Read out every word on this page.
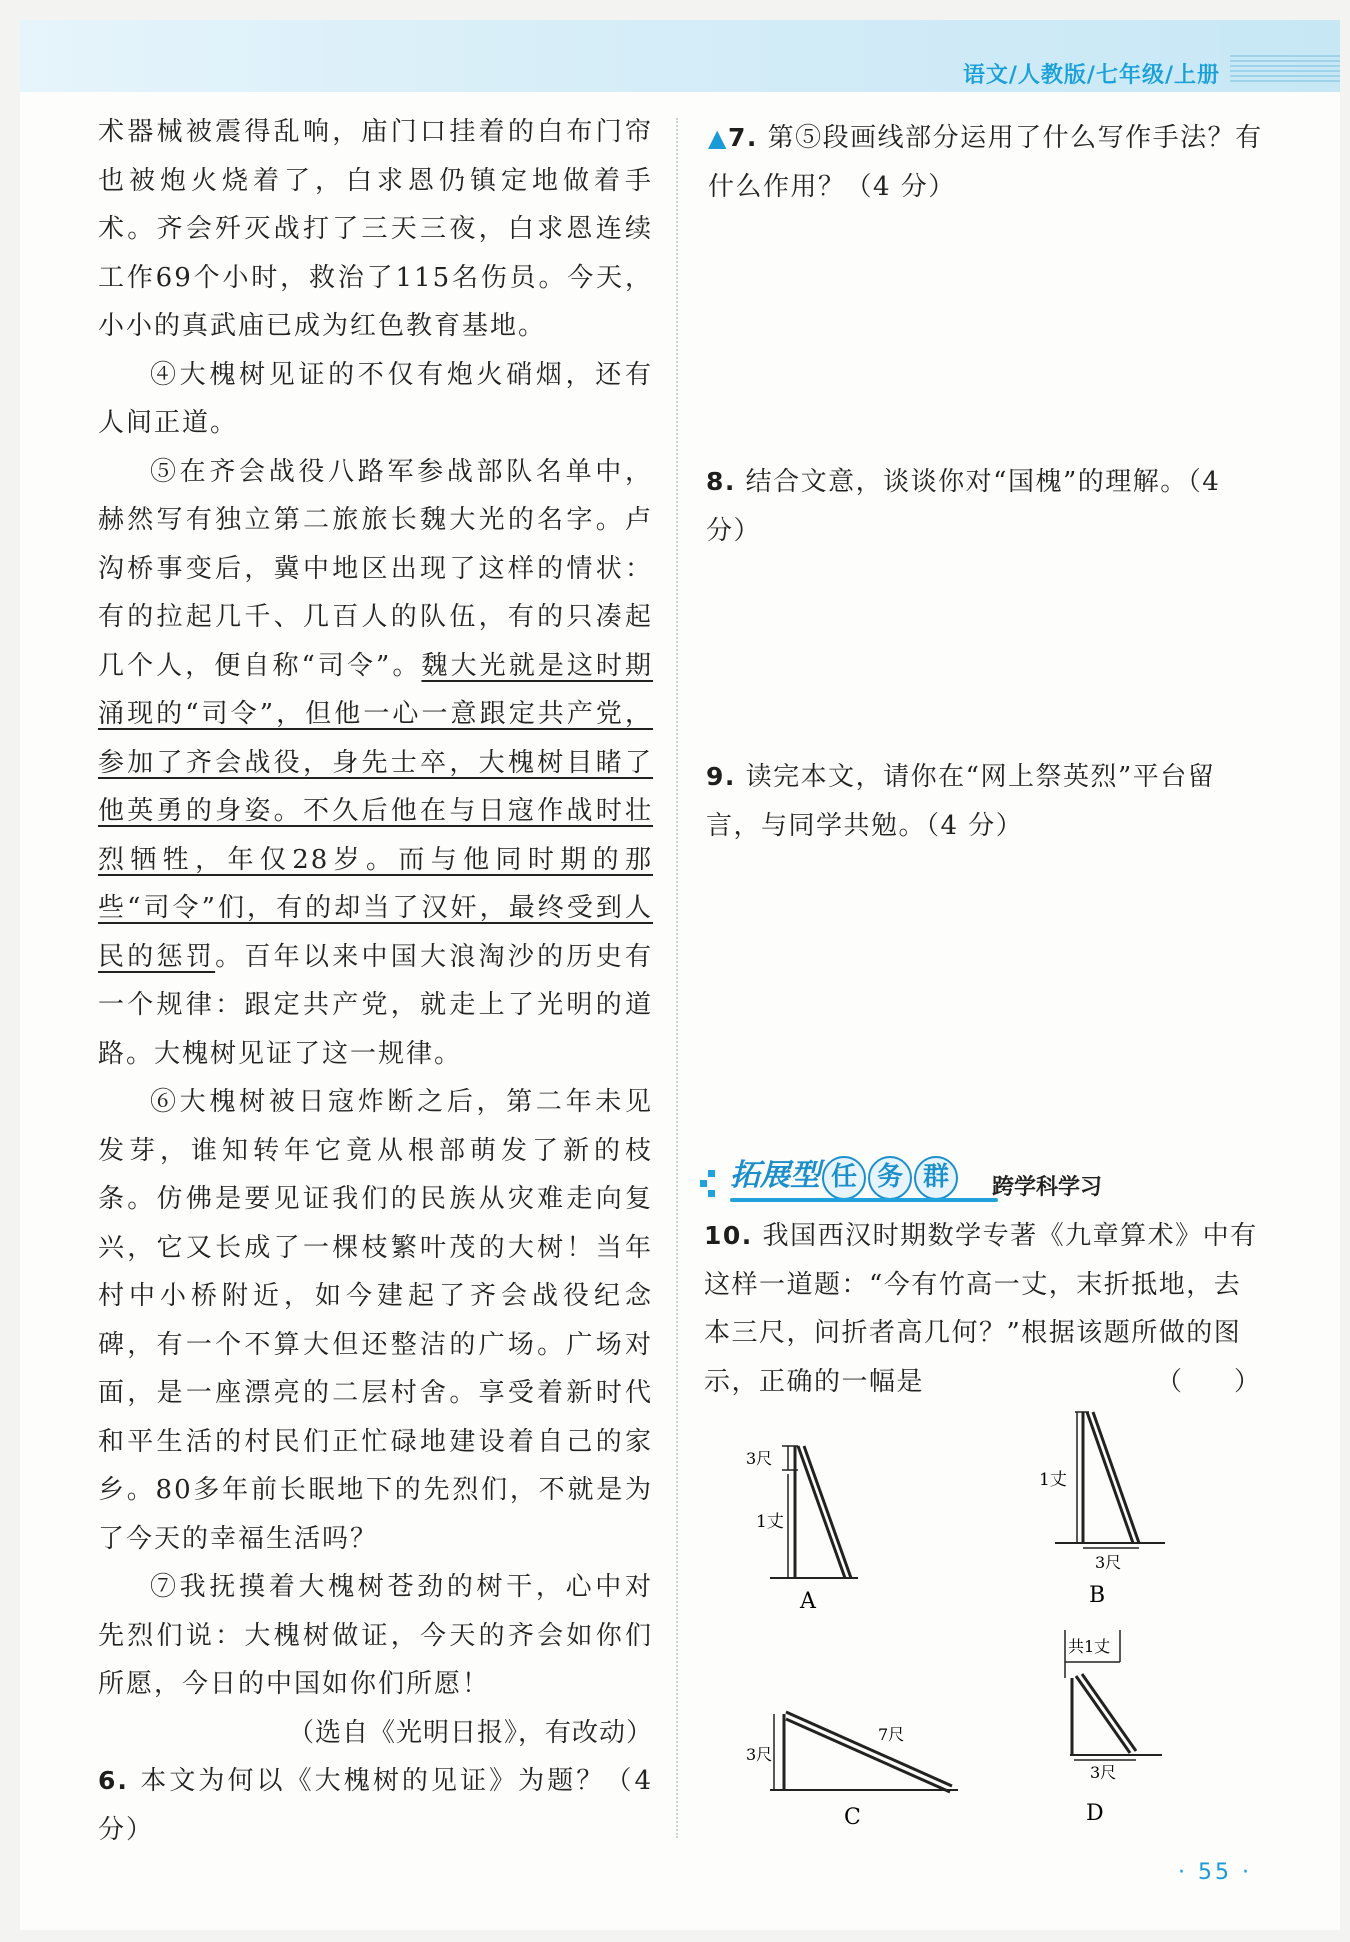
语文/人教版/七年级/上册

术器械被震得乱响，庙门口挂着的白布门帘也被炮火烧着了，白求恩仍镇定地做着手术。齐会歼灭战打了三天三夜，白求恩连续工作69个小时，救治了115名伤员。今天，小小的真武庙已成为红色教育基地。

④大槐树见证的不仅有炮火硝烟，还有人间正道。

⑤在齐会战役八路军参战部队名单中，赫然写有独立第二旅旅长魏大光的名字。卢沟桥事变后，冀中地区出现了这样的情状：有的拉起几千、几百人的队伍，有的只凑起几个人，便自称“司令”。魏大光就是这时期涌现的“司令”，但他一心一意跟定共产党，参加了齐会战役，身先士卒，大槐树目睹了他英勇的身姿。不久后他在与日寇作战时壮烈牺牲，年仅28岁。而与他同时期的那些“司令”们，有的却当了汉奸，最终受到人民的惩罚。百年以来中国大浪淘沙的历史有一个规律：跟定共产党，就走上了光明的道路。大槐树见证了这一规律。

⑥大槐树被日寇炸断之后，第二年未见发芽，谁知转年它竟从根部萌发了新的枝条。仿佛是要见证我们的民族从灾难走向复兴，它又长成了一棵枝繁叶茂的大树！当年村中小桥附近，如今建起了齐会战役纪念碑，有一个不算大但还整洁的广场。广场对面，是一座漂亮的二层村舍。享受着新时代和平生活的村民们正忙碌地建设着自己的家乡。80多年前长眠地下的先烈们，不就是为了今天的幸福生活吗？

⑦我抚摸着大槐树苍劲的树干，心中对先烈们说：大槐树做证，今天的齐会如你们所愿，今日的中国如你们所愿！

（选自《光明日报》，有改动）
6. 本文为何以《大槐树的见证》为题？（4 分）
▲7. 第⑤段画线部分运用了什么写作手法？有什么作用？（4 分）
8. 结合文意，谈谈你对“国槐”的理解。（4 分）
9. 读完本文，请你在“网上祭英烈”平台留言，与同学共勉。（4 分）
拓展型 任 务 群	跨学科学习
10. 我国西汉时期数学专著《九章算术》中有这样一道题：“今有竹高一丈，末折抵地，去本三尺，问折者高几何？”根据该题所做的图示，正确的一幅是	（　　）
3尺
1丈
A
1丈
3尺
B
3尺
7尺
C
共1丈
3尺
D
· 55 ·
